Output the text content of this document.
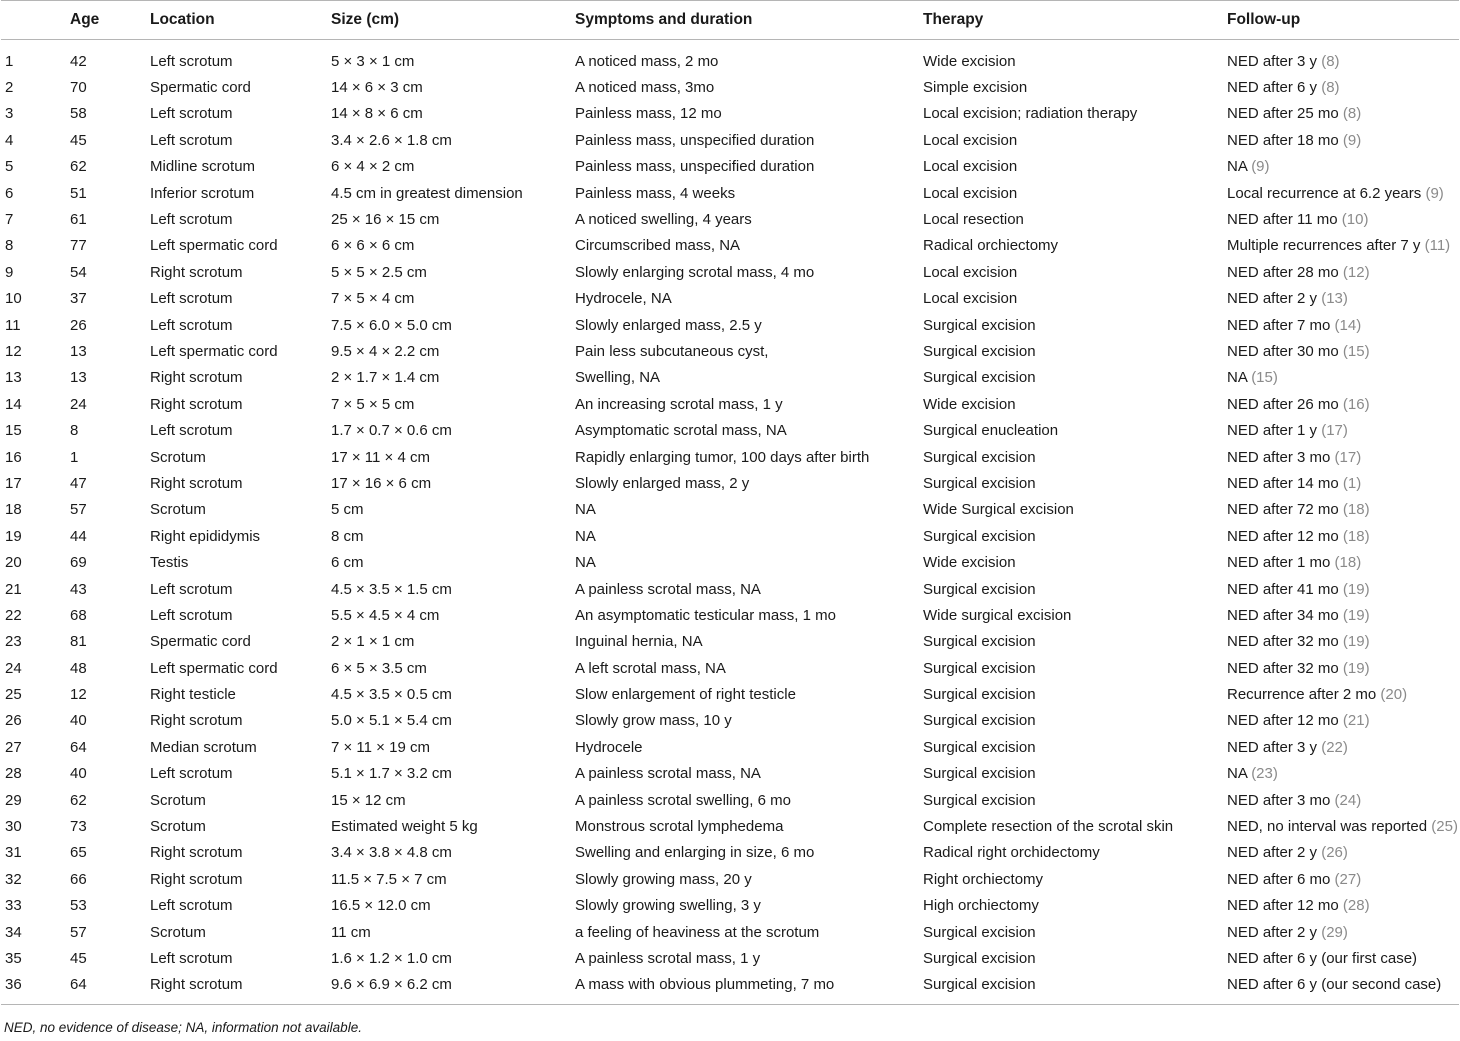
	Age	Location	Size (cm)	Symptoms and duration	Therapy	Follow-up
1	42	Left scrotum	5 × 3 × 1 cm	A noticed mass, 2 mo	Wide excision	NED after 3 y (8)
2	70	Spermatic cord	14 × 6 × 3 cm	A noticed mass, 3mo	Simple excision	NED after 6 y (8)
3	58	Left scrotum	14 × 8 × 6 cm	Painless mass, 12 mo	Local excision; radiation therapy	NED after 25 mo (8)
4	45	Left scrotum	3.4 × 2.6 × 1.8 cm	Painless mass, unspecified duration	Local excision	NED after 18 mo (9)
5	62	Midline scrotum	6 × 4 × 2 cm	Painless mass, unspecified duration	Local excision	NA (9)
6	51	Inferior scrotum	4.5 cm in greatest dimension	Painless mass, 4 weeks	Local excision	Local recurrence at 6.2 years (9)
7	61	Left scrotum	25 × 16 × 15 cm	A noticed swelling, 4 years	Local resection	NED after 11 mo (10)
8	77	Left spermatic cord	6 × 6 × 6 cm	Circumscribed mass, NA	Radical orchiectomy	Multiple recurrences after 7 y (11)
9	54	Right scrotum	5 × 5 × 2.5 cm	Slowly enlarging scrotal mass, 4 mo	Local excision	NED after 28 mo (12)
10	37	Left scrotum	7 × 5 × 4 cm	Hydrocele, NA	Local excision	NED after 2 y (13)
11	26	Left scrotum	7.5 × 6.0 × 5.0 cm	Slowly enlarged mass, 2.5 y	Surgical excision	NED after 7 mo (14)
12	13	Left spermatic cord	9.5 × 4 × 2.2 cm	Pain less subcutaneous cyst,	Surgical excision	NED after 30 mo (15)
13	13	Right scrotum	2 × 1.7 × 1.4 cm	Swelling, NA	Surgical excision	NA (15)
14	24	Right scrotum	7 × 5 × 5 cm	An increasing scrotal mass, 1 y	Wide excision	NED after 26 mo (16)
15	8	Left scrotum	1.7 × 0.7 × 0.6 cm	Asymptomatic scrotal mass, NA	Surgical enucleation	NED after 1 y (17)
16	1	Scrotum	17 × 11 × 4 cm	Rapidly enlarging tumor, 100 days after birth	Surgical excision	NED after 3 mo (17)
17	47	Right scrotum	17 × 16 × 6 cm	Slowly enlarged mass, 2 y	Surgical excision	NED after 14 mo (1)
18	57	Scrotum	5 cm	NA	Wide Surgical excision	NED after 72 mo (18)
19	44	Right epididymis	8 cm	NA	Surgical excision	NED after 12 mo (18)
20	69	Testis	6 cm	NA	Wide excision	NED after 1 mo (18)
21	43	Left scrotum	4.5 × 3.5 × 1.5 cm	A painless scrotal mass, NA	Surgical excision	NED after 41 mo (19)
22	68	Left scrotum	5.5 × 4.5 × 4 cm	An asymptomatic testicular mass, 1 mo	Wide surgical excision	NED after 34 mo (19)
23	81	Spermatic cord	2 × 1 × 1 cm	Inguinal hernia, NA	Surgical excision	NED after 32 mo (19)
24	48	Left spermatic cord	6 × 5 × 3.5 cm	A left scrotal mass, NA	Surgical excision	NED after 32 mo (19)
25	12	Right testicle	4.5 × 3.5 × 0.5 cm	Slow enlargement of right testicle	Surgical excision	Recurrence after 2 mo (20)
26	40	Right scrotum	5.0 × 5.1 × 5.4 cm	Slowly grow mass, 10 y	Surgical excision	NED after 12 mo (21)
27	64	Median scrotum	7 × 11 × 19 cm	Hydrocele	Surgical excision	NED after 3 y (22)
28	40	Left scrotum	5.1 × 1.7 × 3.2 cm	A painless scrotal mass, NA	Surgical excision	NA (23)
29	62	Scrotum	15 × 12 cm	A painless scrotal swelling, 6 mo	Surgical excision	NED after 3 mo (24)
30	73	Scrotum	Estimated weight 5 kg	Monstrous scrotal lymphedema	Complete resection of the scrotal skin	NED, no interval was reported (25)
31	65	Right scrotum	3.4 × 3.8 × 4.8 cm	Swelling and enlarging in size, 6 mo	Radical right orchidectomy	NED after 2 y (26)
32	66	Right scrotum	11.5 × 7.5 × 7 cm	Slowly growing mass, 20 y	Right orchiectomy	NED after 6 mo (27)
33	53	Left scrotum	16.5 × 12.0 cm	Slowly growing swelling, 3 y	High orchiectomy	NED after 12 mo (28)
34	57	Scrotum	11 cm	a feeling of heaviness at the scrotum	Surgical excision	NED after 2 y (29)
35	45	Left scrotum	1.6 × 1.2 × 1.0 cm	A painless scrotal mass, 1 y	Surgical excision	NED after 6 y (our first case)
36	64	Right scrotum	9.6 × 6.9 × 6.2 cm	A mass with obvious plummeting, 7 mo	Surgical excision	NED after 6 y (our second case)
NED, no evidence of disease; NA, information not available.
